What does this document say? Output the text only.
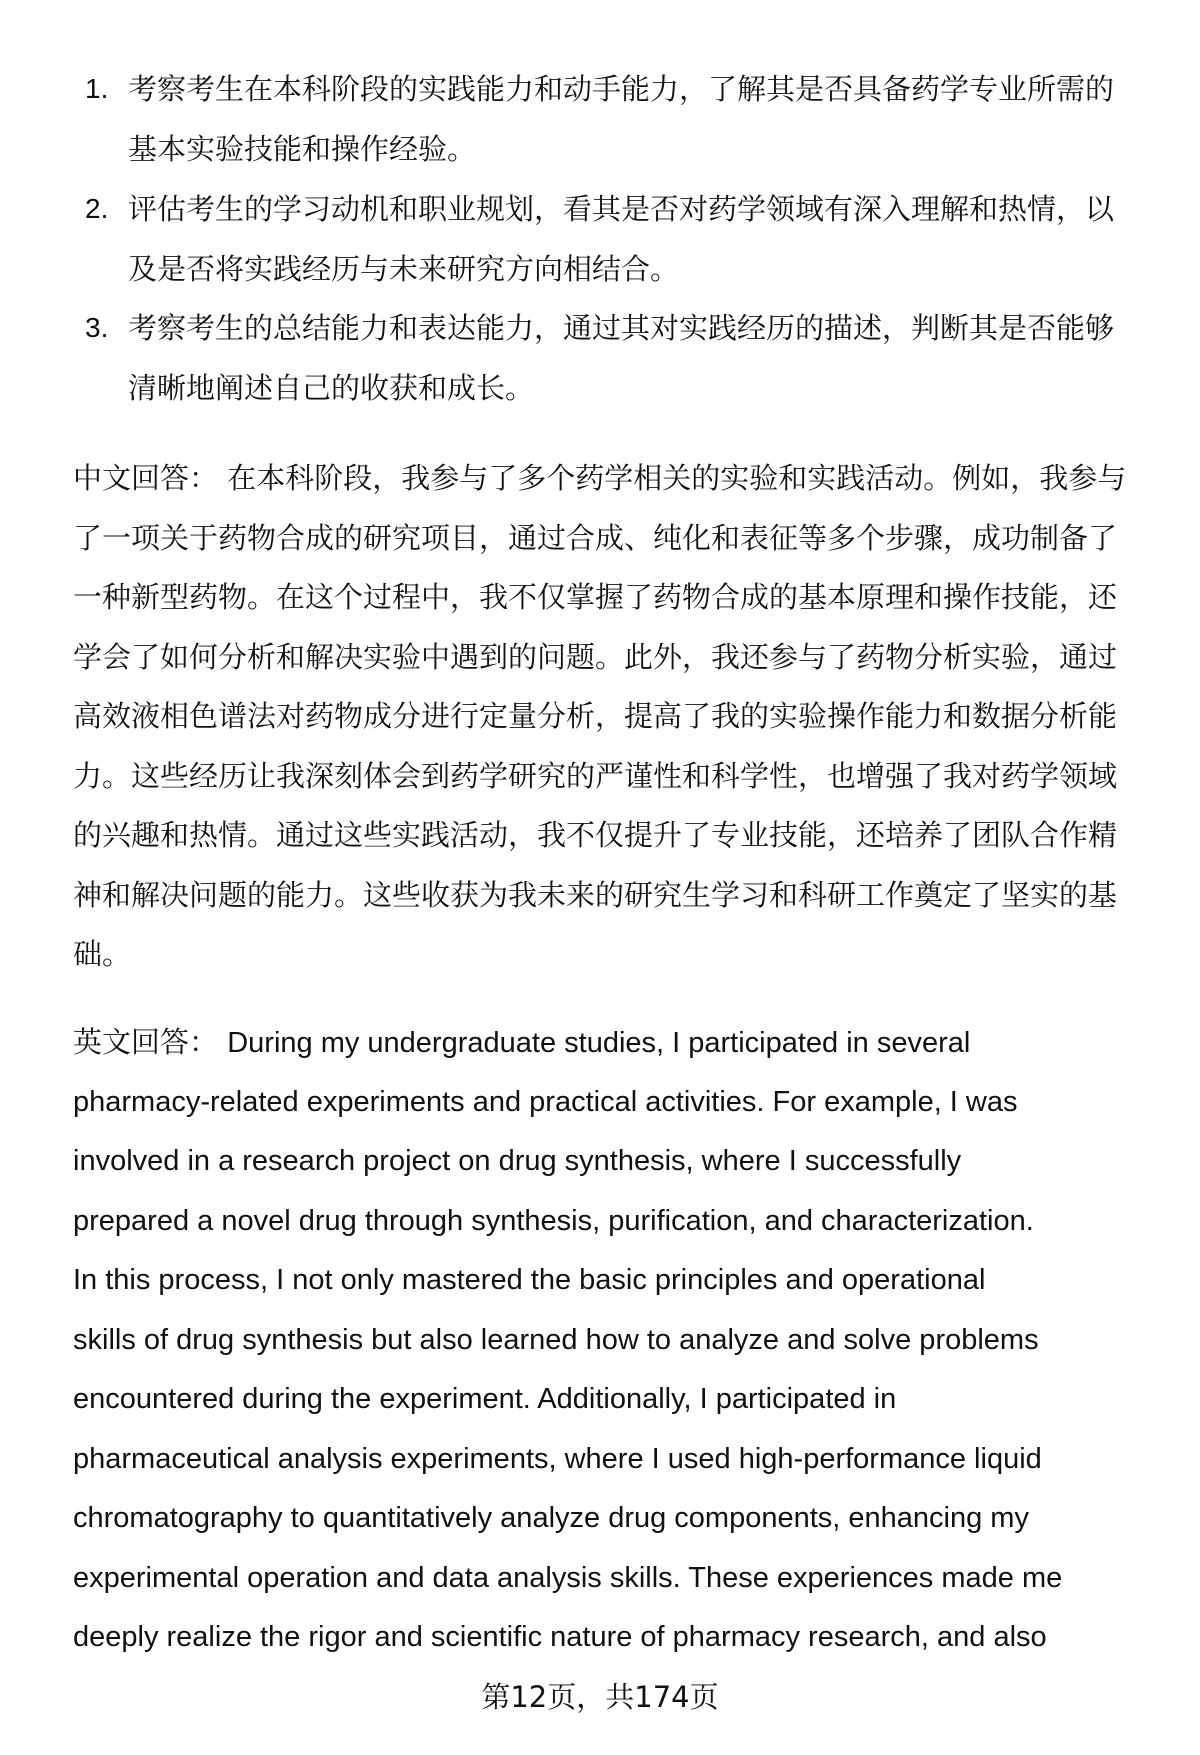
1. 考察考生在本科阶段的实践能力和动手能力，了解其是否具备药学专业所需的
基本实验技能和操作经验。
2. 评估考生的学习动机和职业规划，看其是否对药学领域有深入理解和热情，以
及是否将实践经历与未来研究方向相结合。
3. 考察考生的总结能力和表达能力，通过其对实践经历的描述，判断其是否能够
清晰地阐述自己的收获和成长。
中文回答： 在本科阶段，我参与了多个药学相关的实验和实践活动。例如，我参与
了一项关于药物合成的研究项目，通过合成、纯化和表征等多个步骤，成功制备了
一种新型药物。在这个过程中，我不仅掌握了药物合成的基本原理和操作技能，还
学会了如何分析和解决实验中遇到的问题。此外，我还参与了药物分析实验，通过
高效液相色谱法对药物成分进行定量分析，提高了我的实验操作能力和数据分析能
力。这些经历让我深刻体会到药学研究的严谨性和科学性，也增强了我对药学领域
的兴趣和热情。通过这些实践活动，我不仅提升了专业技能，还培养了团队合作精
神和解决问题的能力。这些收获为我未来的研究生学习和科研工作奠定了坚实的基
础。
英文回答： During my undergraduate studies, I participated in several
pharmacy-related experiments and practical activities. For example, I was
involved in a research project on drug synthesis, where I successfully
prepared a novel drug through synthesis, purification, and characterization.
In this process, I not only mastered the basic principles and operational
skills of drug synthesis but also learned how to analyze and solve problems
encountered during the experiment. Additionally, I participated in
pharmaceutical analysis experiments, where I used high-performance liquid
chromatography to quantitatively analyze drug components, enhancing my
experimental operation and data analysis skills. These experiences made me
deeply realize the rigor and scientific nature of pharmacy research, and also
第12页，共174页
